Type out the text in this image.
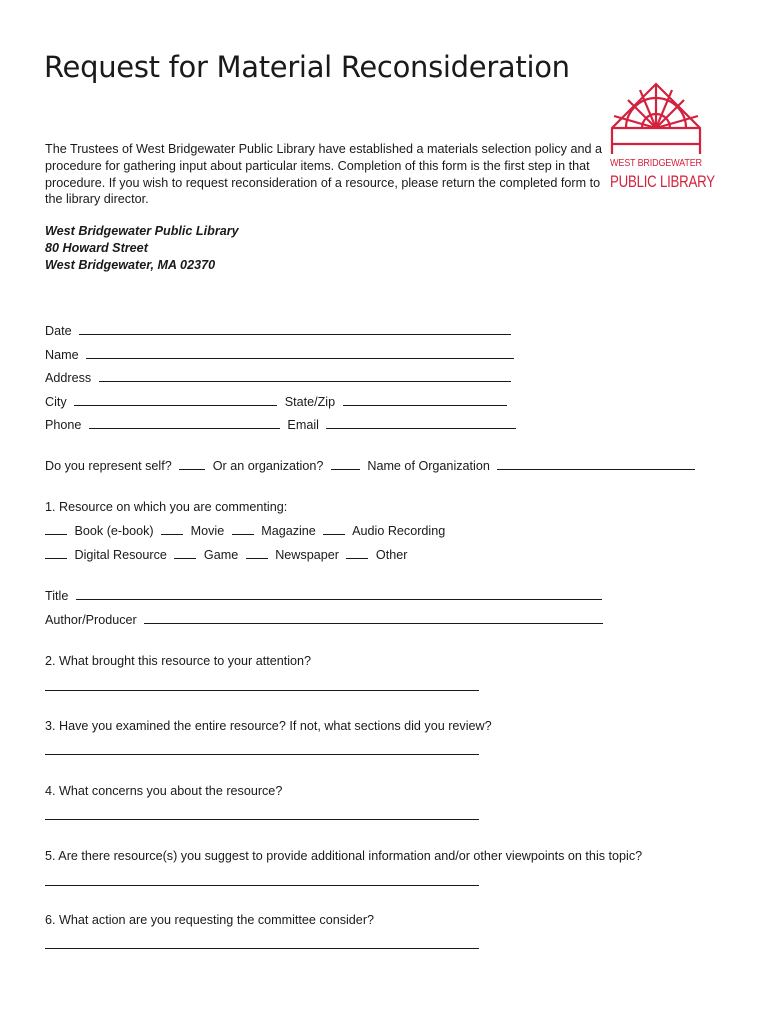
Request for Material Reconsideration

The Trustees of West Bridgewater Public Library have established a materials selection policy and a procedure for gathering input about particular items. Completion of this form is the first step in that procedure. If you wish to request reconsideration of a resource, please return the completed form to the library director.

West Bridgewater Public Library
80 Howard Street
West Bridgewater, MA 02370
WEST BRIDGEWATER
PUBLIC LIBRARY
Date
Name
Address
City	State/Zip
Phone	Email
Do you represent self?	Or an organization?	Name of Organization
1. Resource on which you are commenting:
Book (e-book)	Movie	Magazine	Audio Recording
Digital Resource	Game	Newspaper	Other
Title
Author/Producer
2. What brought this resource to your attention?
3. Have you examined the entire resource? If not, what sections did you review?
4. What concerns you about the resource?
5. Are there resource(s) you suggest to provide additional information and/or other viewpoints on this topic?
6. What action are you requesting the committee consider?
